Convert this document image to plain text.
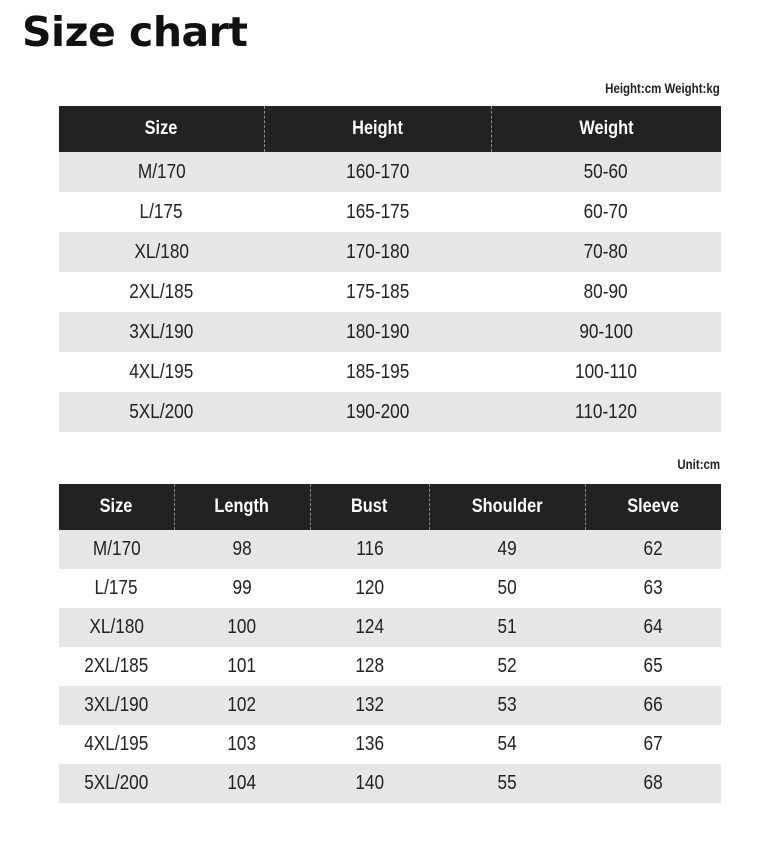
Size chart
Height:cm Weight:kg
Size	Height	Weight
M/170	160-170	50-60
L/175	165-175	60-70
XL/180	170-180	70-80
2XL/185	175-185	80-90
3XL/190	180-190	90-100
4XL/195	185-195	100-110
5XL/200	190-200	110-120
Unit:cm
Size	Length	Bust	Shoulder	Sleeve
M/170	98	116	49	62
L/175	99	120	50	63
XL/180	100	124	51	64
2XL/185	101	128	52	65
3XL/190	102	132	53	66
4XL/195	103	136	54	67
5XL/200	104	140	55	68
